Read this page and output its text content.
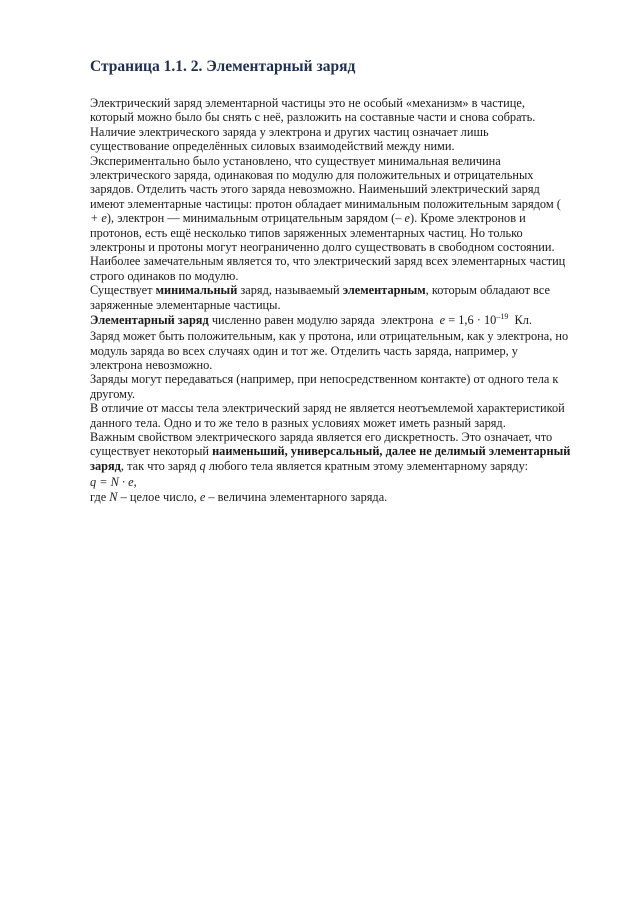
Страница 1.1. 2. Элементарный заряд

Электрический заряд элементарной частицы это не особый «механизм» в частице,
который можно было бы снять с неё, разложить на составные части и снова собрать.
Наличие электрического заряда у электрона и других частиц означает лишь
существование определённых силовых взаимодействий между ними.
Экспериментально было установлено, что существует минимальная величина
электрического заряда, одинаковая по модулю для положительных и отрицательных
зарядов. Отделить часть этого заряда невозможно. Наименьший электрический заряд
имеют элементарные частицы: протон обладает минимальным положительным зарядом (
+ e), электрон — минимальным отрицательным зарядом (– e). Кроме электронов и
протонов, есть ещё несколько типов заряженных элементарных частиц. Но только
электроны и протоны могут неограниченно долго существовать в свободном состоянии.
Наиболее замечательным является то, что электрический заряд всех элементарных частиц
строго одинаков по модулю.

Существует минимальный заряд, называемый элементарным, которым обладают все
заряженные элементарные частицы.

Элементарный заряд численно равен модулю заряда  электрона  $e = 1,6 \cdot 10^{-19}$  Кл.

Заряд может быть положительным, как у протона, или отрицательным, как у электрона, но
модуль заряда во всех случаях один и тот же. Отделить часть заряда, например, у
электрона невозможно.
Заряды могут передаваться (например, при непосредственном контакте) от одного тела к
другому.
В отличие от массы тела электрический заряд не является неотъемлемой характеристикой
данного тела. Одно и то же тело в разных условиях может иметь разный заряд.
Важным свойством электрического заряда является его дискретность. Это означает, что

существует некоторый наименьший, универсальный, далее не делимый элементарный
заряд, так что заряд q любого тела является кратным этому элементарному заряду:
q = N · e,
где N – целое число, e – величина элементарного заряда.
